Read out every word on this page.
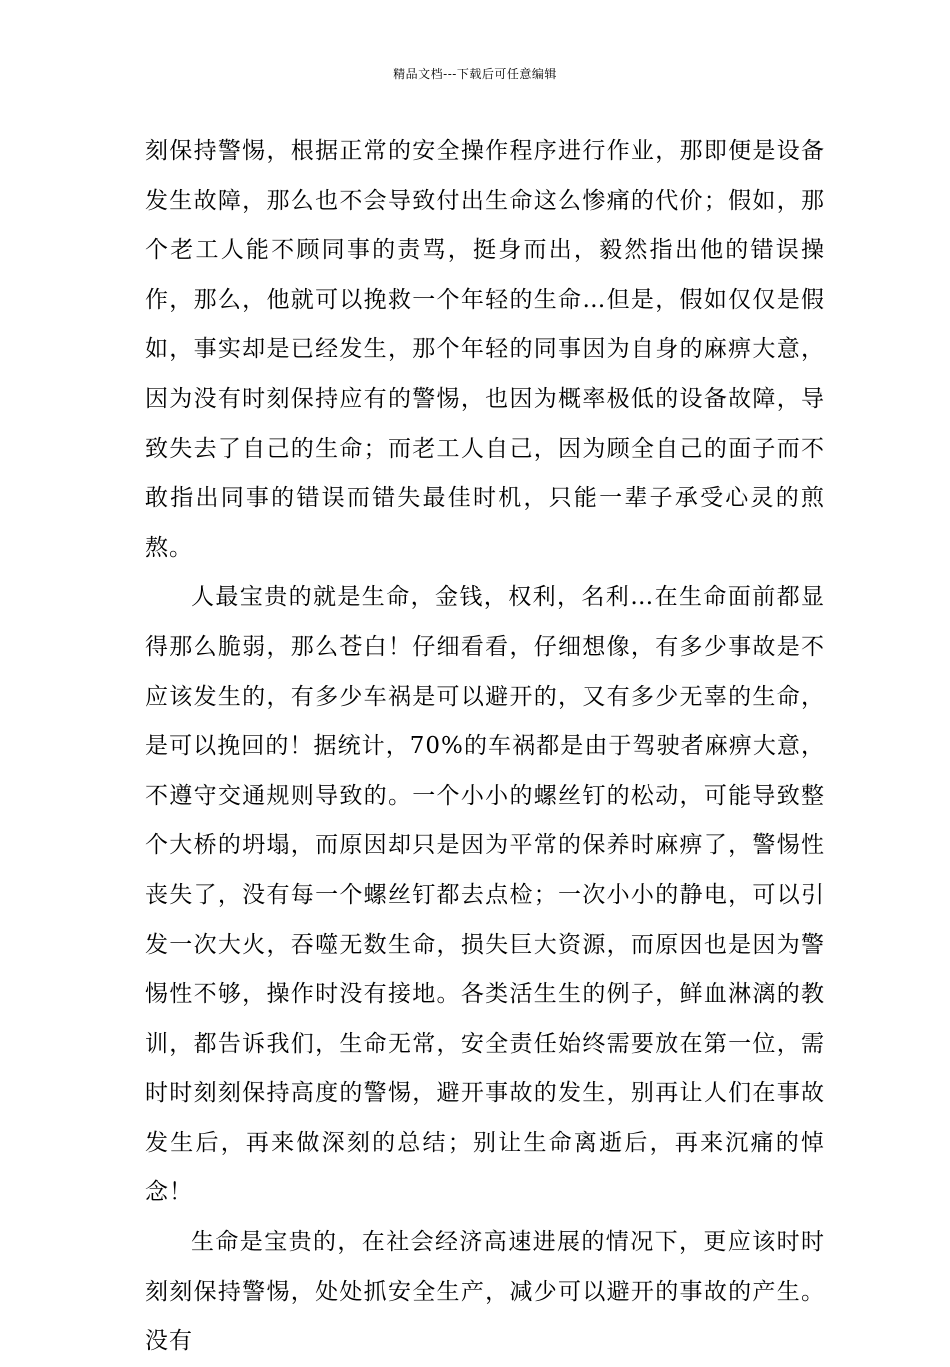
精品文档---下载后可任意编辑

刻保持警惕，根据正常的安全操作程序进行作业，那即便是设备发生故障，那么也不会导致付出生命这么惨痛的代价；假如，那个老工人能不顾同事的责骂，挺身而出，毅然指出他的错误操作，那么，他就可以挽救一个年轻的生命…但是，假如仅仅是假如，事实却是已经发生，那个年轻的同事因为自身的麻痹大意，因为没有时刻保持应有的警惕，也因为概率极低的设备故障，导致失去了自己的生命；而老工人自己，因为顾全自己的面子而不敢指出同事的错误而错失最佳时机，只能一辈子承受心灵的煎熬。

人最宝贵的就是生命，金钱，权利，名利…在生命面前都显得那么脆弱，那么苍白！仔细看看，仔细想像，有多少事故是不应该发生的，有多少车祸是可以避开的，又有多少无辜的生命，是可以挽回的！据统计，70%的车祸都是由于驾驶者麻痹大意，不遵守交通规则导致的。一个小小的螺丝钉的松动，可能导致整个大桥的坍塌，而原因却只是因为平常的保养时麻痹了，警惕性丧失了，没有每一个螺丝钉都去点检；一次小小的静电，可以引发一次大火，吞噬无数生命，损失巨大资源，而原因也是因为警惕性不够，操作时没有接地。各类活生生的例子，鲜血淋漓的教训，都告诉我们，生命无常，安全责任始终需要放在第一位，需时时刻刻保持高度的警惕，避开事故的发生，别再让人们在事故发生后，再来做深刻的总结；别让生命离逝后，再来沉痛的悼念！

生命是宝贵的，在社会经济高速进展的情况下，更应该时时刻刻保持警惕，处处抓安全生产，减少可以避开的事故的产生。没有
